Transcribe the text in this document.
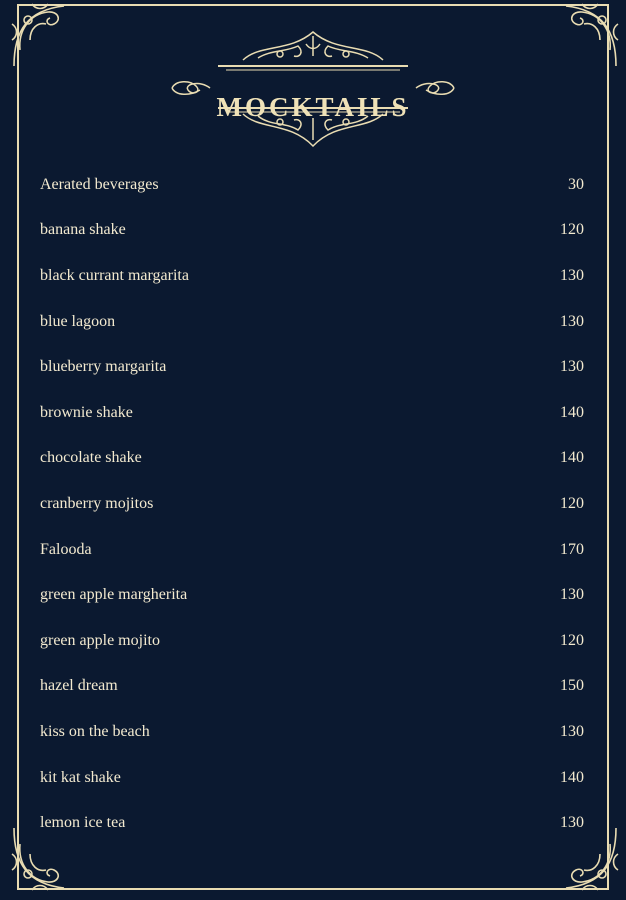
MOCKTAILS
Aerated beverages	30
banana shake	120
black currant margarita	130
blue lagoon	130
blueberry margarita	130
brownie shake	140
chocolate shake	140
cranberry mojitos	120
Falooda	170
green apple margherita	130
green apple mojito	120
hazel dream	150
kiss on the beach	130
kit kat shake	140
lemon ice tea	130
